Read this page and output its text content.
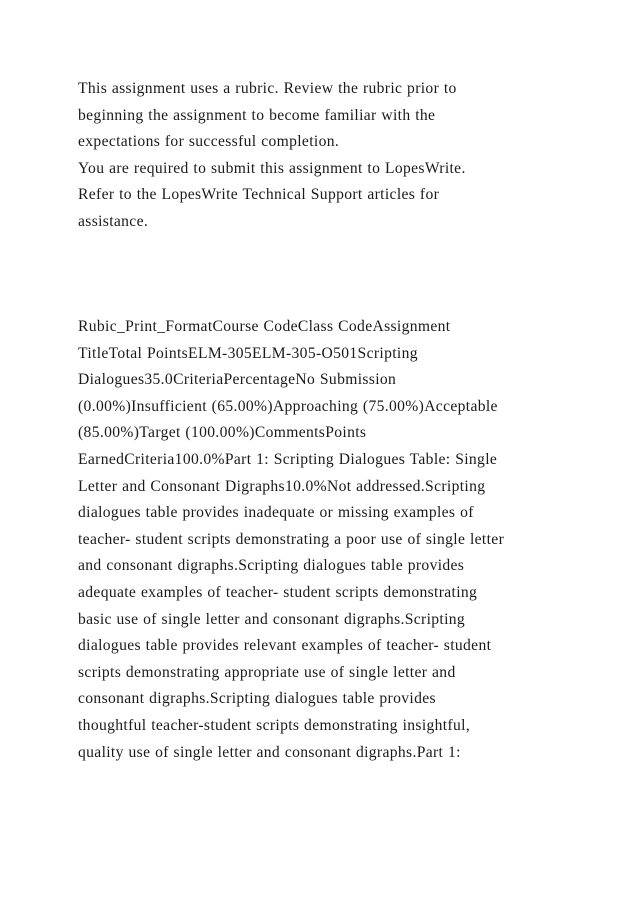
This assignment uses a rubric. Review the rubric prior to
beginning the assignment to become familiar with the
expectations for successful completion.
You are required to submit this assignment to LopesWrite.
Refer to the LopesWrite Technical Support articles for
assistance.
Rubic_Print_FormatCourse CodeClass CodeAssignment
TitleTotal PointsELM-305ELM-305-O501Scripting
Dialogues35.0CriteriaPercentageNo Submission
(0.00%)Insufficient (65.00%)Approaching (75.00%)Acceptable
(85.00%)Target (100.00%)CommentsPoints
EarnedCriteria100.0%Part 1: Scripting Dialogues Table: Single
Letter and Consonant Digraphs10.0%Not addressed.Scripting
dialogues table provides inadequate or missing examples of
teacher- student scripts demonstrating a poor use of single letter
and consonant digraphs.Scripting dialogues table provides
adequate examples of teacher- student scripts demonstrating
basic use of single letter and consonant digraphs.Scripting
dialogues table provides relevant examples of teacher- student
scripts demonstrating appropriate use of single letter and
consonant digraphs.Scripting dialogues table provides
thoughtful teacher-student scripts demonstrating insightful,
quality use of single letter and consonant digraphs.Part 1:
